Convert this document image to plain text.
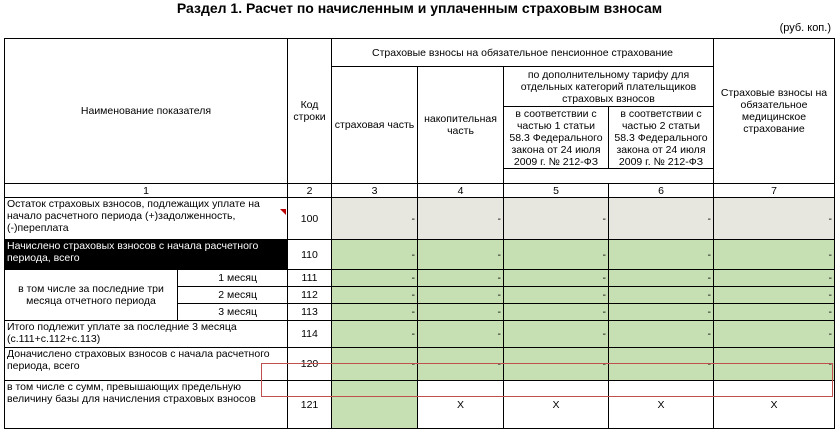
Раздел 1. Расчет по начисленным и уплаченным страховым взносам
(руб. коп.)
Наименование показателя		Код строки	Страховые взносы на обязательное пенсионное страхование				Страховые взносы на обязательное медицинское страхование
			страховая часть	накопительная часть	по дополнительному тарифу для отдельных категорий плательщиков страховых взносов		
					в соответствии с частью 1 статьи 58.3 Федерального закона от 24 июля 2009 г. № 212-ФЗ	в соответствии с частью 2 статьи 58.3 Федерального закона от 24 июля 2009 г. № 212-ФЗ	

1		2	3	4	5	6	7
Остаток страховых взносов, подлежащих уплате на начало расчетного периода (+)задолженность, (-)переплата		100	-	-	-	-	-
Начислено страховых взносов с начала расчетного периода, всего		110	-	-	-	-	-
в том числе за последние три месяца отчетного периода	1 месяц	111	-	-	-	-	-
	2 месяц	112	-	-	-	-	-
	3 месяц	113	-	-	-	-	-
Итого подлежит уплате за последние 3 месяца (с.111+с.112+с.113)		114	-	-	-	-	-
Доначислено страховых взносов с начала расчетного периода, всего		120	-	-	-	-	-
в том числе с сумм, превышающих предельную величину базы для начисления страховых взносов		121		X	X	X	X
